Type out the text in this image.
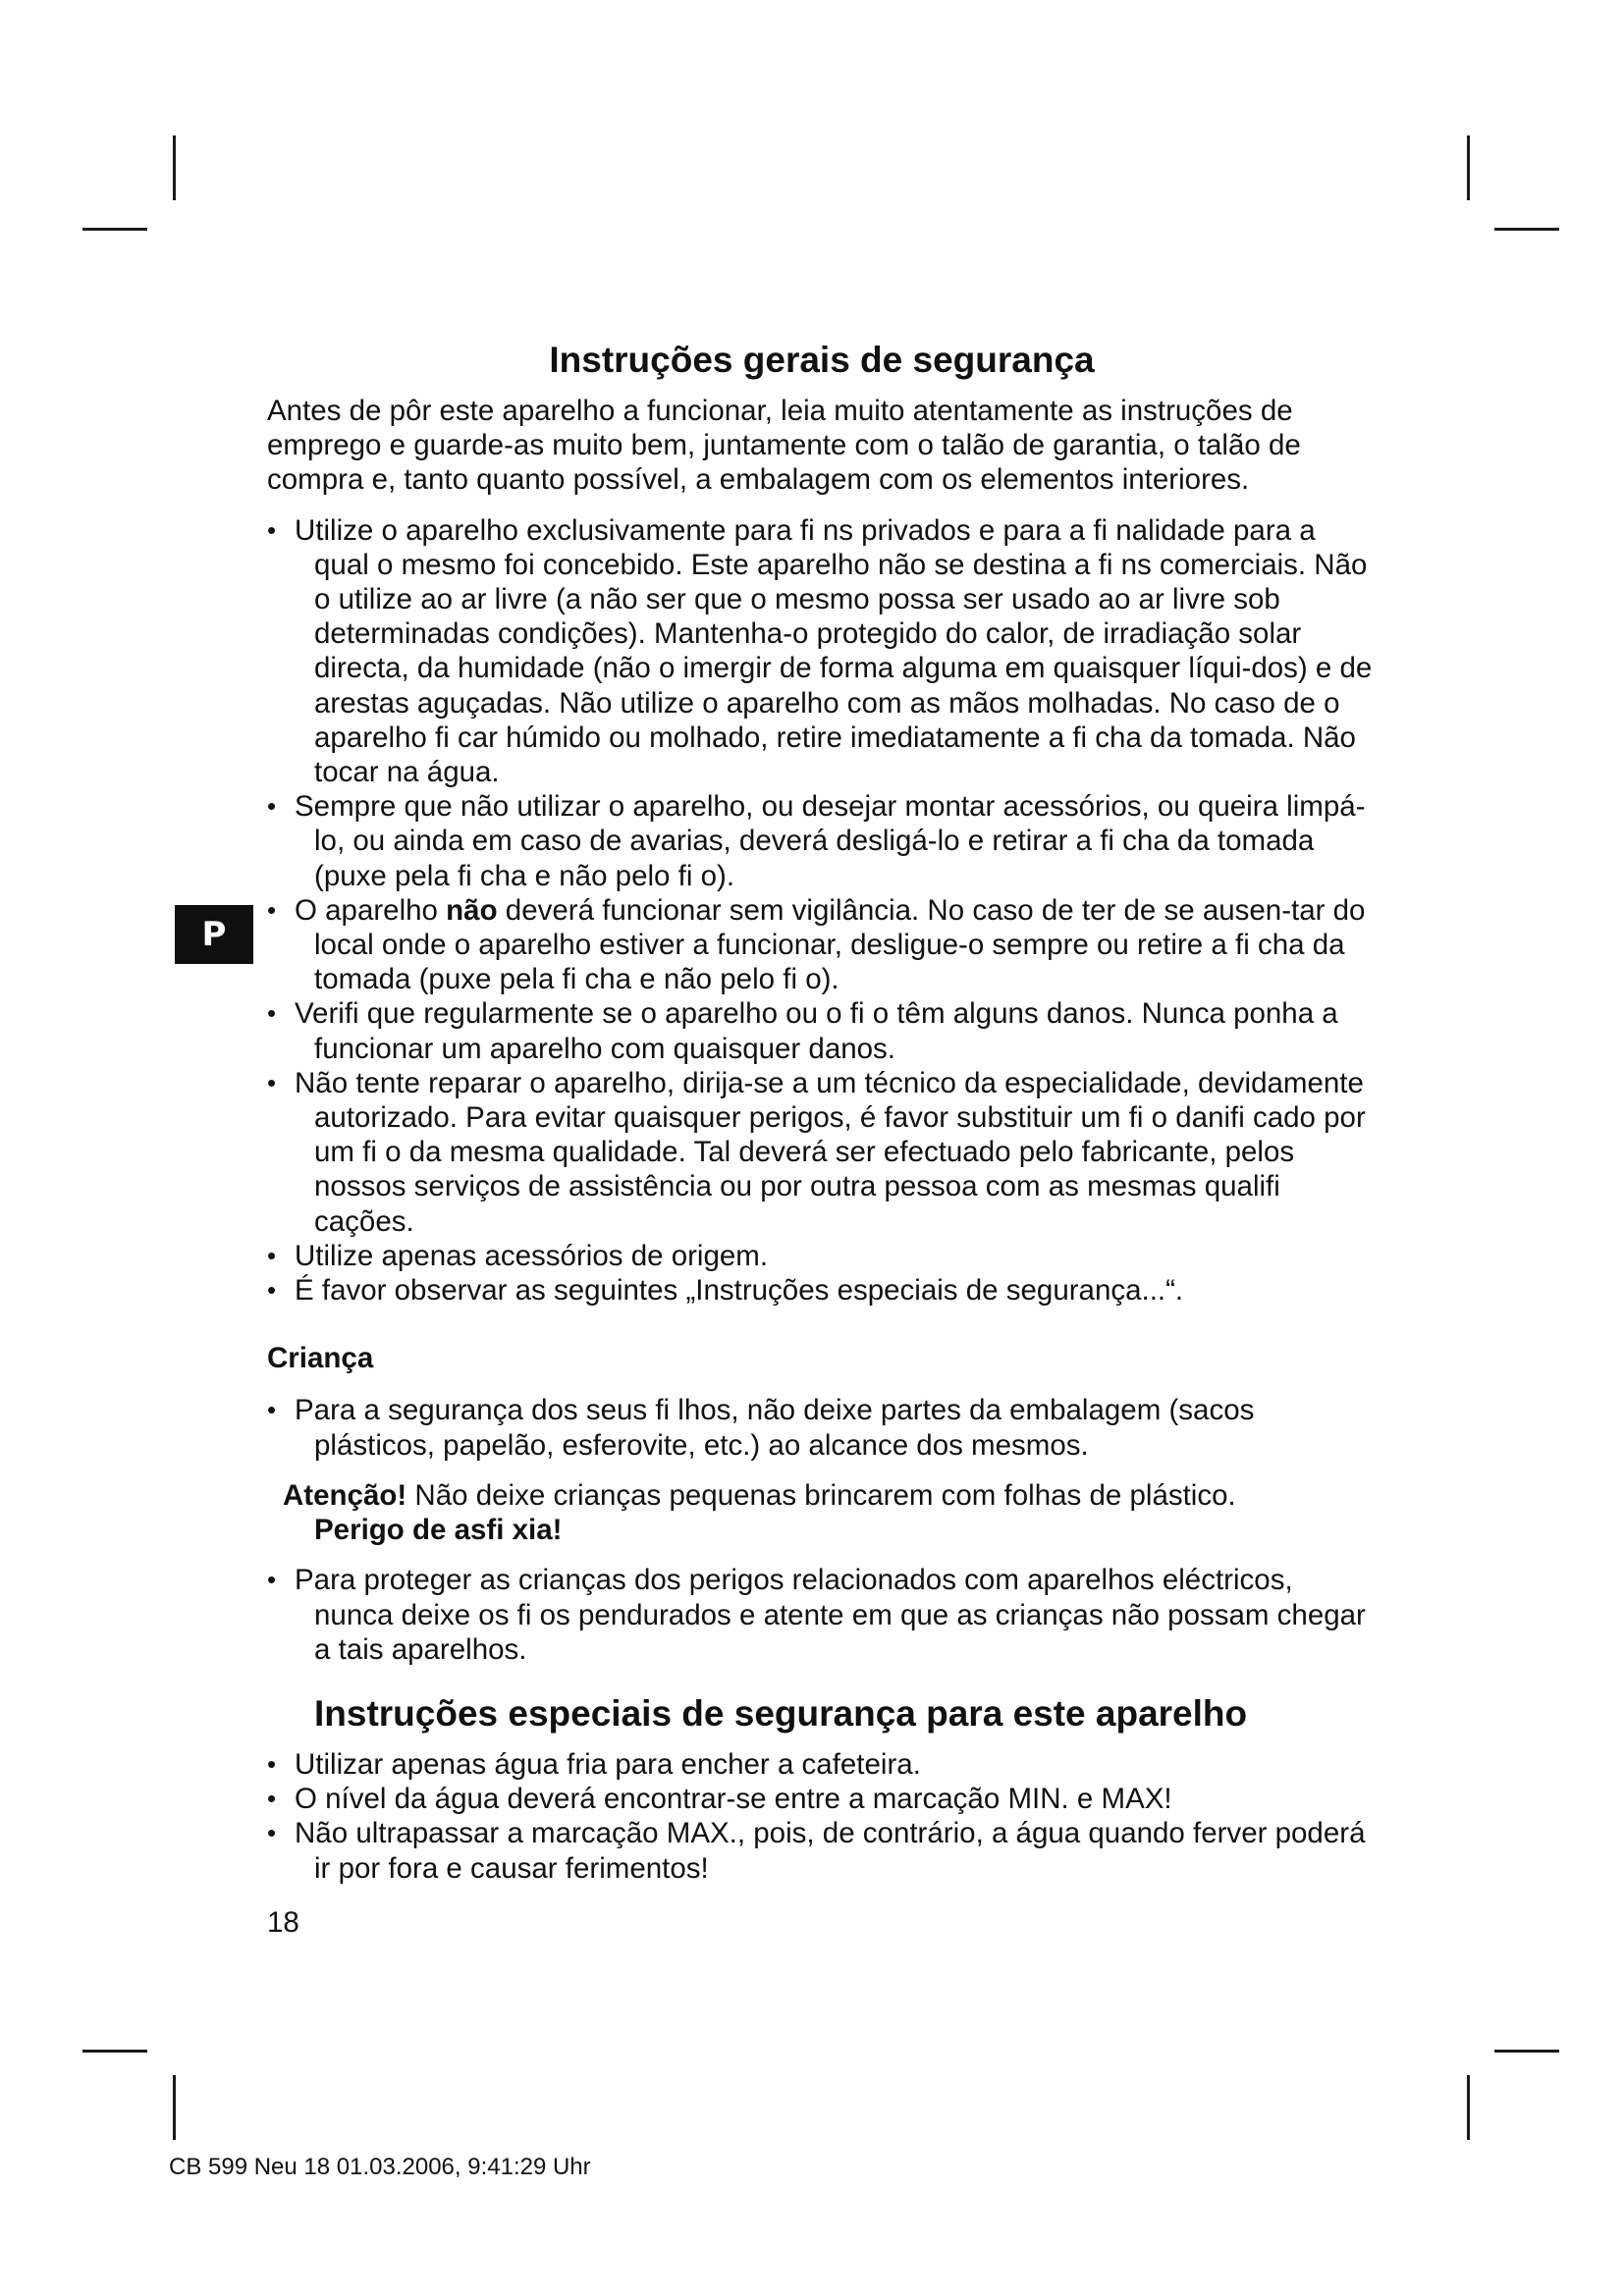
P
Instruções gerais de segurança

Antes de pôr este aparelho a funcionar, leia muito atentamente as instruções de emprego e guarde-as muito bem, juntamente com o talão de garantia, o talão de compra e, tanto quanto possível, a embalagem com os elementos interiores.

• Utilize o aparelho exclusivamente para fi ns privados e para a fi nalidade para a qual o mesmo foi concebido. Este aparelho não se destina a fi ns comerciais. Não o utilize ao ar livre (a não ser que o mesmo possa ser usado ao ar livre sob determinadas condições). Mantenha-o protegido do calor, de irradiação solar directa, da humidade (não o imergir de forma alguma em quaisquer líqui-dos) e de arestas aguçadas. Não utilize o aparelho com as mãos molhadas. No caso de o aparelho fi car húmido ou molhado, retire imediatamente a fi cha da tomada. Não tocar na água.
• Sempre que não utilizar o aparelho, ou desejar montar acessórios, ou queira limpá-lo, ou ainda em caso de avarias, deverá desligá-lo e retirar a fi cha da tomada (puxe pela fi cha e não pelo fi o).
• O aparelho não deverá funcionar sem vigilância. No caso de ter de se ausen-tar do local onde o aparelho estiver a funcionar, desligue-o sempre ou retire a fi cha da tomada (puxe pela fi cha e não pelo fi o).
• Verifi que regularmente se o aparelho ou o fi o têm alguns danos. Nunca ponha a funcionar um aparelho com quaisquer danos.
• Não tente reparar o aparelho, dirija-se a um técnico da especialidade, devidamente autorizado. Para evitar quaisquer perigos, é favor substituir um fi o danifi cado por um fi o da mesma qualidade. Tal deverá ser efectuado pelo fabricante, pelos nossos serviços de assistência ou por outra pessoa com as mesmas qualifi cações.
• Utilize apenas acessórios de origem.
• É favor observar as seguintes „Instruções especiais de segurança...“.

Criança

• Para a segurança dos seus fi lhos, não deixe partes da embalagem (sacos plásticos, papelão, esferovite, etc.) ao alcance dos mesmos.

Atenção! Não deixe crianças pequenas brincarem com folhas de plástico.
Perigo de asfi xia!

• Para proteger as crianças dos perigos relacionados com aparelhos eléctricos, nunca deixe os fi os pendurados e atente em que as crianças não possam chegar a tais aparelhos.
Instruções especiais de segurança para este aparelho
• Utilizar apenas água fria para encher a cafeteira.
• O nível da água deverá encontrar-se entre a marcação MIN. e MAX!
• Não ultrapassar a marcação MAX., pois, de contrário, a água quando ferver poderá ir por fora e causar ferimentos!

18

CB 599 Neu 18 01.03.2006, 9:41:29 Uhr
